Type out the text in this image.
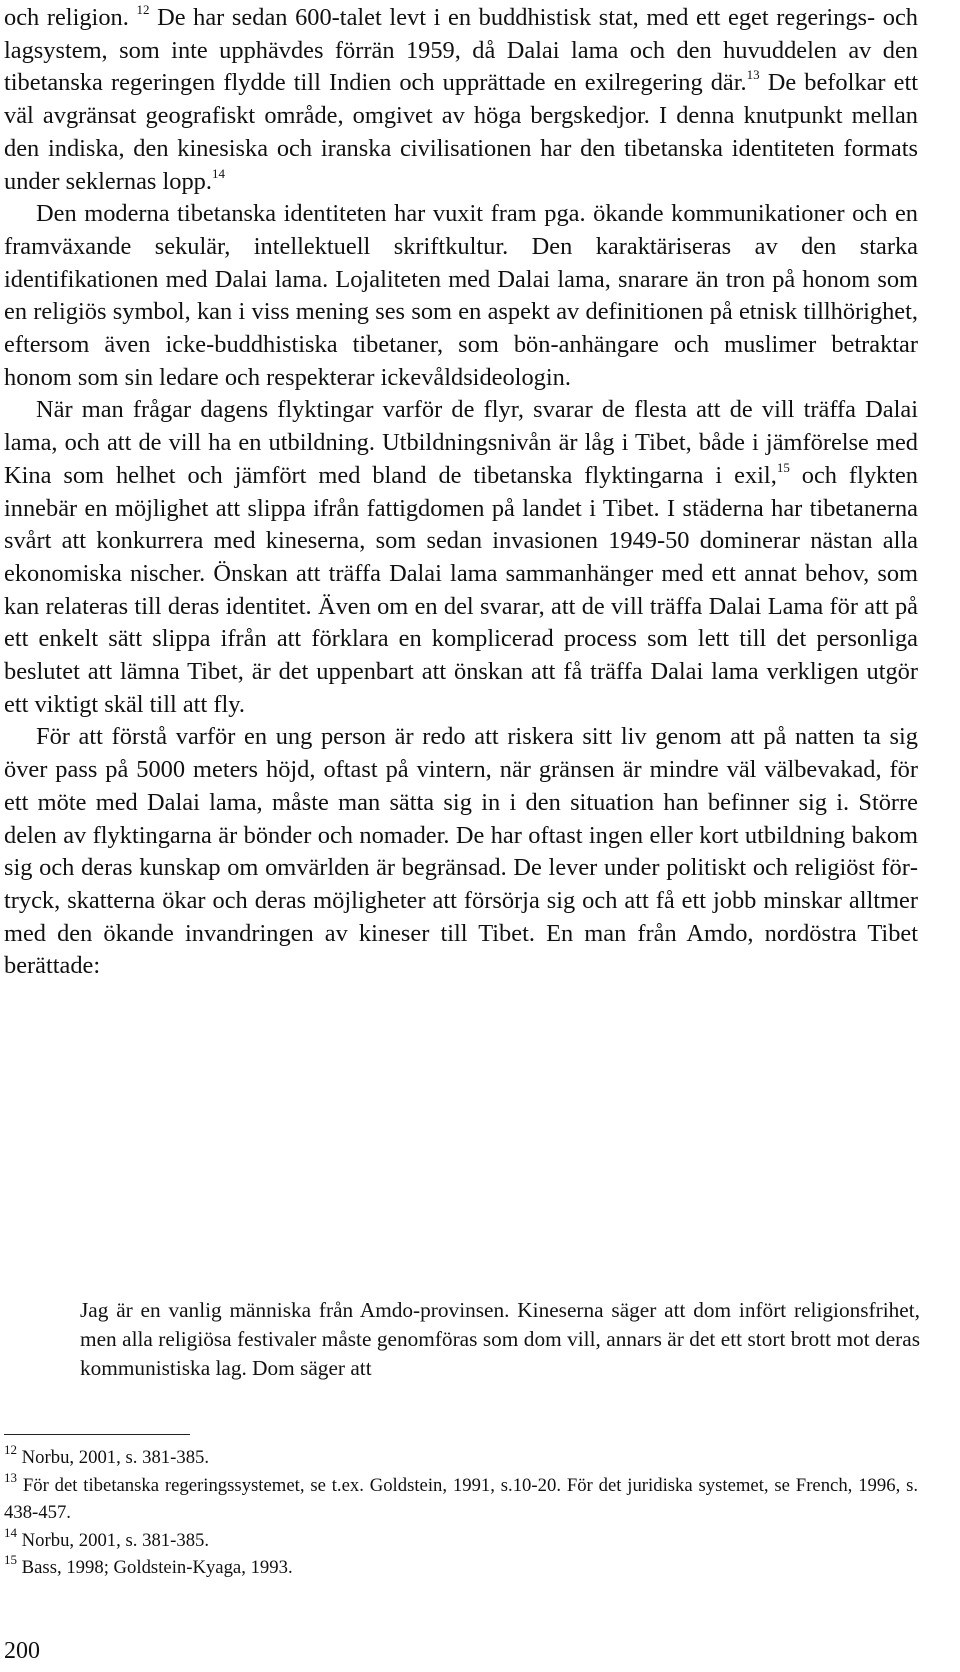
och religion. $^{12}$ De har sedan 600-talet levt i en buddhistisk stat, med ett eget regerings- och lagsystem, som inte upphävdes förrän 1959, då Dalai lama och den huvuddelen av den tibetanska regeringen flydde till Indien och upprättade en exilregering där.$^{13}$ De befolkar ett väl avgränsat geografiskt område, omgivet av höga bergskedjor. I denna knutpunkt mellan den indiska, den kinesiska och iranska civilisationen har den tibetanska identiteten formats under seklernas lopp.$^{14}$

Den moderna tibetanska identiteten har vuxit fram pga. ökande kommunikationer och en framväxande sekulär, intellektuell skriftkultur. Den karaktäriseras av den starka identifikationen med Dalai lama. Lojaliteten med Dalai lama, snarare än tron på honom som en religiös symbol, kan i viss mening ses som en aspekt av definitionen på etnisk tillhörighet, eftersom även icke-buddhistiska tibetaner, som bön-anhängare och muslimer betraktar honom som sin ledare och respekterar ickevåldsideologin.

När man frågar dagens flyktingar varför de flyr, svarar de flesta att de vill träffa Dalai lama, och att de vill ha en utbildning. Utbildningsnivån är låg i Tibet, både i jämförelse med Kina som helhet och jämfört med bland de tibetanska flyktingarna i exil,$^{15}$ och flykten innebär en möjlighet att slippa ifrån fattigdomen på landet i Tibet. I städerna har tibetanerna svårt att konkurrera med kineserna, som sedan invasionen 1949-50 dominerar nästan alla ekonomiska nischer. Önskan att träffa Dalai lama sammanhänger med ett annat behov, som kan relateras till deras identitet. Även om en del svarar, att de vill träffa Dalai Lama för att på ett enkelt sätt slippa ifrån att förklara en komplicerad process som lett till det personliga beslutet att lämna Tibet, är det uppenbart att önskan att få träffa Dalai lama verkligen utgör ett viktigt skäl till att fly.

För att förstå varför en ung person är redo att riskera sitt liv genom att på natten ta sig över pass på 5000 meters höjd, oftast på vintern, när gränsen är mindre väl välbevakad, för ett möte med Dalai lama, måste man sätta sig in i den situation han befinner sig i. Större delen av flyktingarna är bönder och nomader. De har oftast ingen eller kort utbildning bakom sig och deras kunskap om omvärlden är begränsad. De lever under politiskt och religiöst förtryck, skatterna ökar och deras möjligheter att försörja sig och att få ett jobb minskar alltmer med den ökande invandringen av kineser till Tibet. En man från Amdo, nordöstra Tibet berättade:

Jag är en vanlig människa från Amdo-provinsen. Kineserna säger att dom infört religionsfrihet, men alla religiösa festivaler måste genomföras som dom vill, annars är det ett stort brott mot deras kommunistiska lag. Dom säger att

$^{12}$ Norbu, 2001, s. 381-385.

$^{13}$ För det tibetanska regeringssystemet, se t.ex. Goldstein, 1991, s.10-20. För det juridiska systemet, se French, 1996, s. 438-457.

$^{14}$ Norbu, 2001, s. 381-385.

$^{15}$ Bass, 1998; Goldstein-Kyaga, 1993.

200
